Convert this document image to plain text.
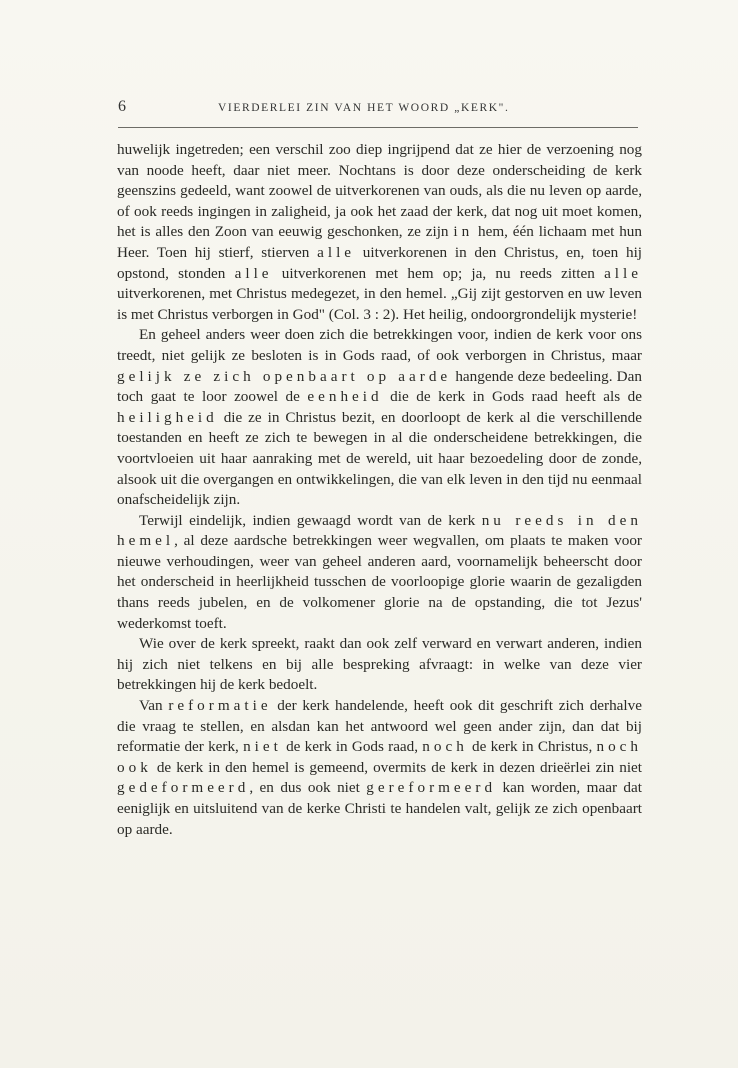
6	VIERDERLEI ZIN VAN HET WOORD „KERK".

huwelijk ingetreden; een verschil zoo diep ingrijpend dat ze hier de verzoening nog van noode heeft, daar niet meer. Nochtans is door deze onderscheiding de kerk geenszins gedeeld, want zoowel de uitverkorenen van ouds, als die nu leven op aarde, of ook reeds ingingen in zaligheid, ja ook het zaad der kerk, dat nog uit moet komen, het is alles den Zoon van eeuwig geschonken, ze zijn in hem, één lichaam met hun Heer. Toen hij stierf, stierven alle uitverkorenen in den Christus, en, toen hij opstond, stonden alle uitverkorenen met hem op; ja, nu reeds zitten alle uitverkorenen, met Christus medegezet, in den hemel. „Gij zijt gestorven en uw leven is met Christus verborgen in God" (Col. 3 : 2). Het heilig, ondoorgrondelijk mysterie!

En geheel anders weer doen zich die betrekkingen voor, indien de kerk voor ons treedt, niet gelijk ze besloten is in Gods raad, of ook verborgen in Christus, maar gelijk ze zich openbaart op aarde hangende deze bedeeling. Dan toch gaat te loor zoowel de eenheid die de kerk in Gods raad heeft als de heiligheid die ze in Christus bezit, en doorloopt de kerk al die verschillende toestanden en heeft ze zich te bewegen in al die onderscheidene betrekkingen, die voortvloeien uit haar aanraking met de wereld, uit haar bezoedeling door de zonde, alsook uit die overgangen en ontwikkelingen, die van elk leven in den tijd nu eenmaal onafscheidelijk zijn.

Terwijl eindelijk, indien gewaagd wordt van de kerk nu reeds in den hemel, al deze aardsche betrekkingen weer wegvallen, om plaats te maken voor nieuwe verhoudingen, weer van geheel anderen aard, voornamelijk beheerscht door het onderscheid in heerlijkheid tusschen de voorloopige glorie waarin de gezaligden thans reeds jubelen, en de volkomener glorie na de opstanding, die tot Jezus' wederkomst toeft.

Wie over de kerk spreekt, raakt dan ook zelf verward en verwart anderen, indien hij zich niet telkens en bij alle bespreking afvraagt: in welke van deze vier betrekkingen hij de kerk bedoelt.

Van reformatie der kerk handelende, heeft ook dit geschrift zich derhalve die vraag te stellen, en alsdan kan het antwoord wel geen ander zijn, dan dat bij reformatie der kerk, niet de kerk in Gods raad, noch de kerk in Christus, noch ook de kerk in den hemel is gemeend, overmits de kerk in dezen drieërlei zin niet gedeformeerd, en dus ook niet gereformeerd kan worden, maar dat eeniglijk en uitsluitend van de kerke Christi te handelen valt, gelijk ze zich openbaart op aarde.
